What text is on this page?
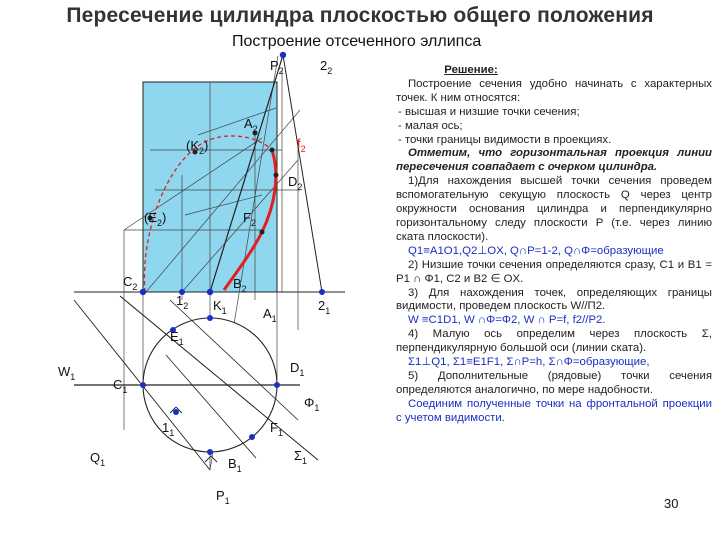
Пересечение цилиндра плоскостью общего положения
Построение отсеченного эллипса
$P_2$	$2_2$
$A_2$
$(K_2)$	$f_2$
$D_2$
$(E_2)$	$F_2$
$C_2$	$B_2$
$1_2$ $K_1$	$A_1$
$2_1$
$E_1$
$W_1$
$D_1$
$C_1$
$\Phi_1$
$1_1$	$F_1$
$Q_1$	$B_1$
$\Sigma_1$
$P_1$

Решение:

Построение сечения удобно начинать с характерных точек. К ним относятся:

- высшая и низшие точки сечения;

- малая ось;

- точки границы видимости в проекциях.

Отметим, что горизонтальная проекция линии пересечения совпадает с очерком цилиндра.

1)Для нахождения высшей точки сечения проведем вспомогательную секущую плоскость Q через центр окружности основания цилиндра и перпендикулярно горизонтальному следу плоскости P (т.е. через линию ската плоскости).

Q1≡A1O1,Q2⊥OX, Q∩P=1-2, Q∩Φ=образующие

2) Низшие точки сечения определяются сразу, C1 и B1 = P1 ∩ Φ1, C2 и B2 ∈ OX.

3) Для нахождения точек, определяющих границы видимости, проведем плоскость W//П2.

W ≡C1D1, W ∩Φ=Φ2, W ∩ P=f, f2//P2.

4) Малую ось определим через плоскость Σ, перпендикулярную большой оси (линии ската).

Σ1⊥Q1, Σ1≡E1F1, Σ∩P=h, Σ∩Φ=образующие,

5) Дополнительные (рядовые) точки сечения определяются аналогично, по мере надобности.

Соединим полученные точки на фронтальной проекции с учетом видимости.

30
